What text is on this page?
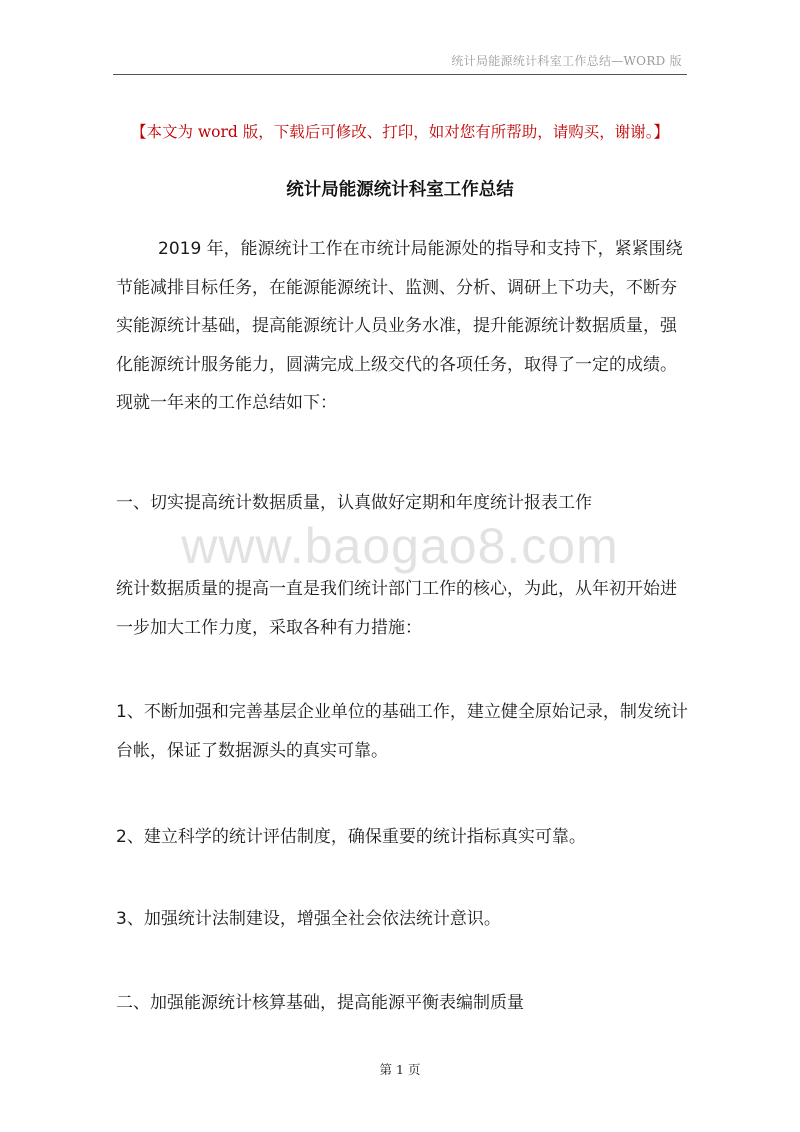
统计局能源统计科室工作总结—WORD 版
【本文为 word 版，下载后可修改、打印，如对您有所帮助，请购买，谢谢。】
统计局能源统计科室工作总结
2019 年，能源统计工作在市统计局能源处的指导和支持下，紧紧围绕节能减排目标任务，在能源能源统计、监测、分析、调研上下功夫，不断夯实能源统计基础，提高能源统计人员业务水准，提升能源统计数据质量，强化能源统计服务能力，圆满完成上级交代的各项任务，取得了一定的成绩。现就一年来的工作总结如下：
一、切实提高统计数据质量，认真做好定期和年度统计报表工作
www.baogao8.com
统计数据质量的提高一直是我们统计部门工作的核心，为此，从年初开始进一步加大工作力度，采取各种有力措施：
1、不断加强和完善基层企业单位的基础工作，建立健全原始记录，制发统计台帐，保证了数据源头的真实可靠。
2、建立科学的统计评估制度，确保重要的统计指标真实可靠。
3、加强统计法制建设，增强全社会依法统计意识。
二、加强能源统计核算基础，提高能源平衡表编制质量
第 1 页
